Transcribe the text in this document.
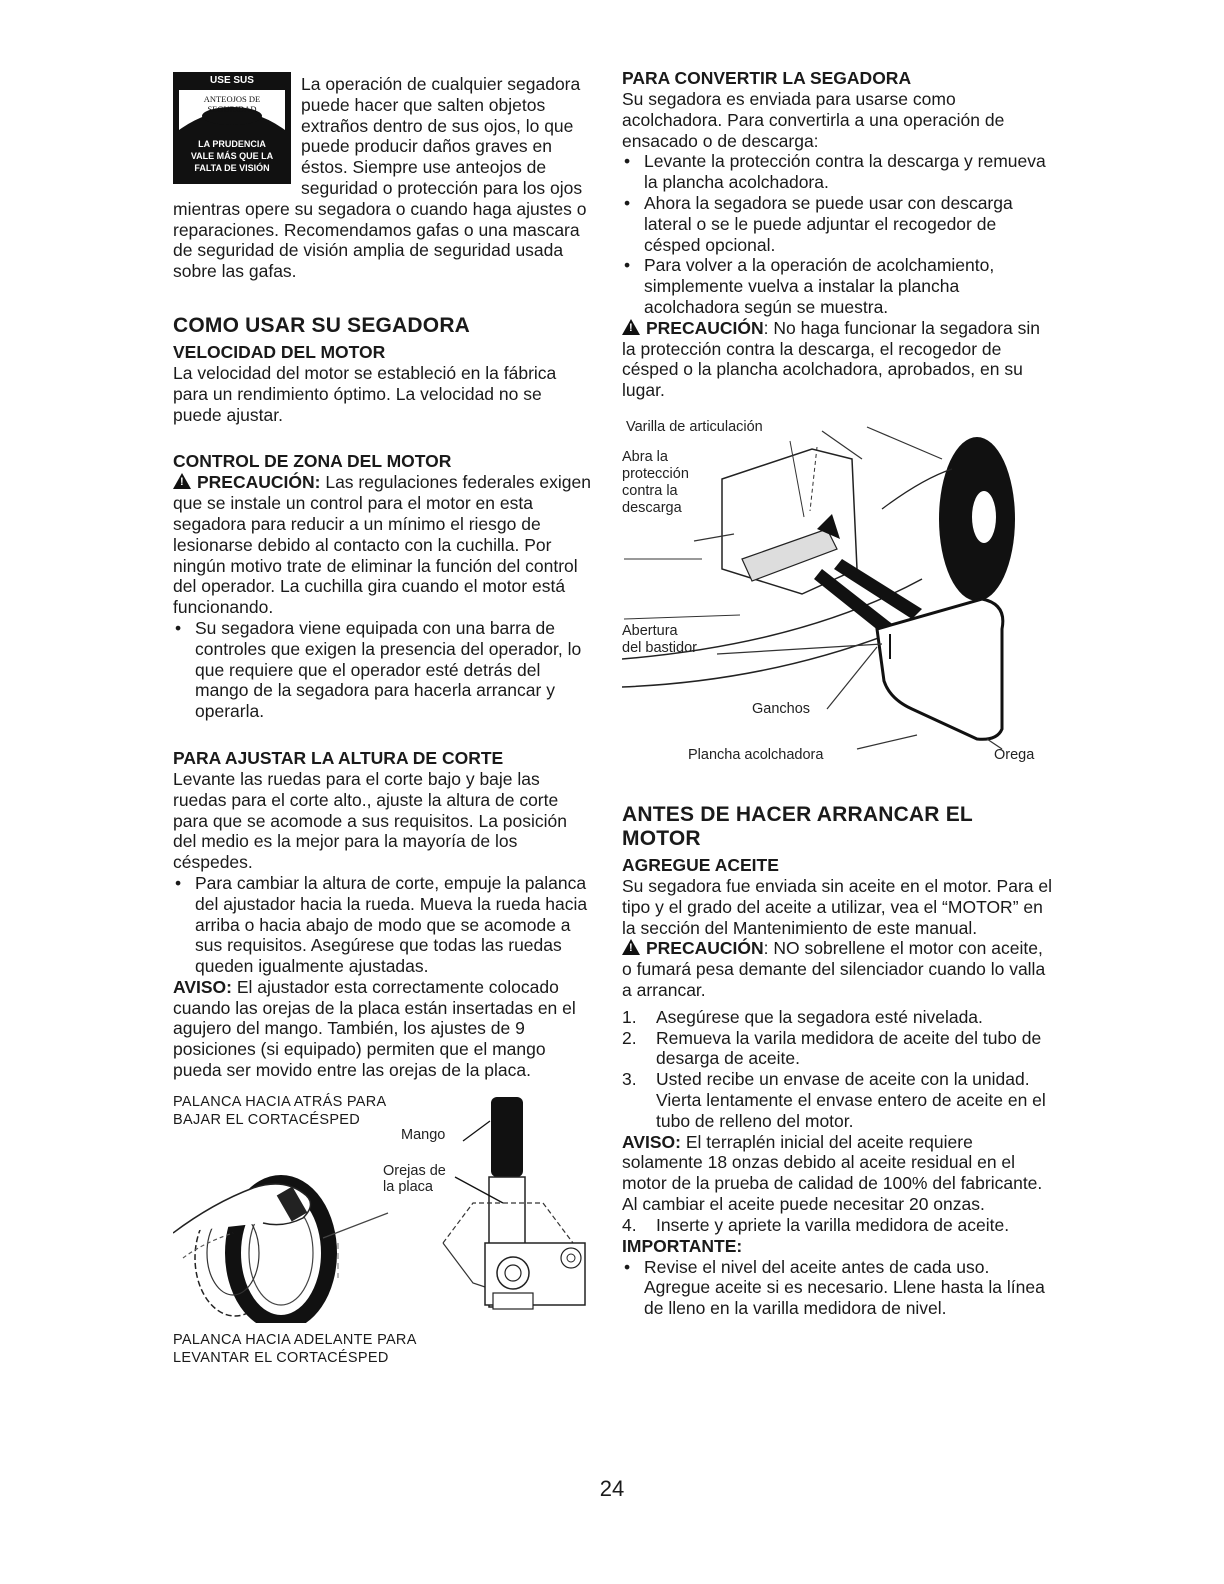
USE SUS
ANTEOJOS DE
SEGURIDAD
LA PRUDENCIA
VALE MÁS QUE LA
FALTA DE VISIÓN

La operación de cualquier segadora puede hacer que salten objetos extraños dentro de sus ojos, lo que puede producir daños graves en éstos. Siempre use anteojos de seguridad o protección para los ojos mientras opere su segadora o cuando haga ajustes o reparaciones. Recomendamos gafas o una mascara de seguridad de visión amplia de seguridad usada sobre las gafas.

COMO USAR SU SEGADORA
VELOCIDAD DEL MOTOR

La velocidad del motor se estableció en la fábrica para un rendimiento óptimo. La velocidad no se puede ajustar.

CONTROL DE ZONA DEL MOTOR

!PRECAUCIÓN: Las regulaciones federales exigen que se instale un control para el motor en esta segadora para reducir a un mínimo el riesgo de lesionarse debido al contacto con la cuchilla. Por ningún motivo trate de eliminar la función del control del operador. La cuchilla gira cuando el motor está funcionando.

• Su segadora viene equipada con una barra de controles que exigen la presencia del operador, lo que requiere que el operador esté detrás del mango de la segadora para hacerla arrancar y operarla.
PARA AJUSTAR LA ALTURA DE CORTE

Levante las ruedas para el corte bajo y baje las ruedas para el corte alto., ajuste la altura de corte para que se acomode a sus requisitos. La posición del medio es la mejor para la mayoría de los céspedes.

• Para cambiar la altura de corte, empuje la palanca del ajustador hacia la rueda. Mueva la rueda hacia arriba o hacia abajo de modo que se acomode a sus requisitos. Asegúrese que todas las ruedas queden igualmente ajustadas.

AVISO: El ajustador esta correctamente colocado cuando las orejas de la placa están insertadas en el agujero del mango. También, los ajustes de 9 posiciones (si equipado) permiten que el mango pueda ser movido entre las orejas de la placa.

PALANCA HACIA ATRÁS PARA
BAJAR EL CORTACÉSPED
Mango
Orejas de
la placa
PALANCA HACIA ADELANTE PARA
LEVANTAR EL CORTACÉSPED
PARA CONVERTIR LA SEGADORA

Su segadora es enviada para usarse como acolchadora. Para convertirla a una operación de ensacado o de descarga:

• Levante la protección contra la descarga y remueva la plancha acolchadora.
• Ahora la segadora se puede usar con descarga lateral o se le puede adjuntar el recogedor de césped opcional.
• Para volver a la operación de acolchamiento, simplemente vuelva a instalar la plancha acolchadora según se muestra.

!PRECAUCIÓN: No haga funcionar la segadora sin la protección contra la descarga, el recogedor de césped o la plancha acolchadora, aprobados, en su lugar.

Varilla de articulación
Abra la
protección
contra la
descarga
Abertura
del bastidor
Ganchos
Plancha acolchadora	Orega
ANTES DE HACER ARRANCAR EL MOTOR
AGREGUE ACEITE

Su segadora fue enviada sin aceite en el motor. Para el tipo y el grado del aceite a utilizar, vea el “MOTOR” en la sección del Mantenimiento de este manual.

!PRECAUCIÓN: NO sobrellene el motor con aceite, o fumará pesa demante del silenciador cuando lo valla a arrancar.

1. Asegúrese que la segadora esté nivelada.
2. Remueva la varila medidora de aceite del tubo de desarga de aceite.
3. Usted recibe un envase de aceite con la unidad. Vierta lentamente el envase entero de aceite en el tubo de relleno del motor.

AVISO: El terraplén inicial del aceite requiere solamente 18 onzas debido al aceite residual en el motor de la prueba de calidad de 100% del fabricante. Al cambiar el aceite puede necesitar 20 onzas.

4. Inserte y apriete la varilla medidora de aceite.
IMPORTANTE:
• Revise el nivel del aceite antes de cada uso. Agregue aceite si es necesario. Llene hasta la línea de lleno en la varilla medidora de nivel.
24
